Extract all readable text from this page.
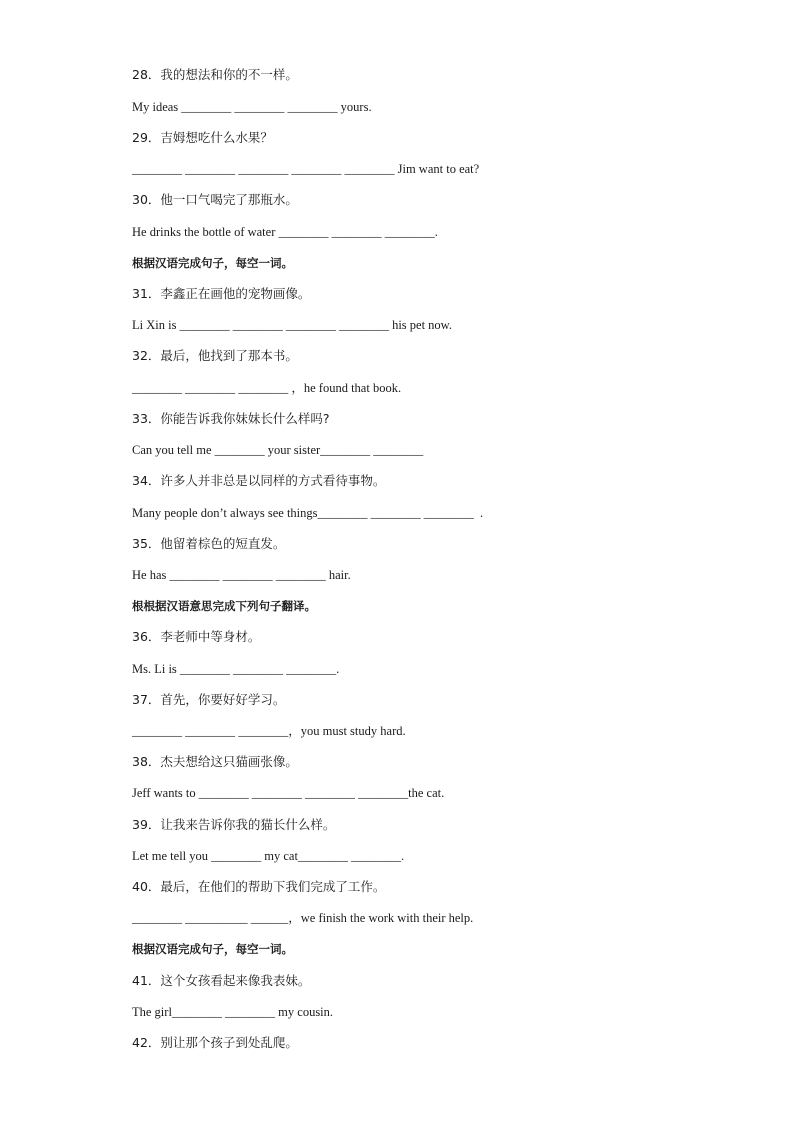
28．我的想法和你的不一样。
My ideas ________ ________ ________ yours.
29．吉姆想吃什么水果？
________ ________ ________ ________ ________ Jim want to eat?
30．他一口气喝完了那瓶水。
He drinks the bottle of water ________ ________ ________.
根据汉语完成句子，每空一词。
31．李鑫正在画他的宠物画像。
Li Xin is ________ ________ ________ ________ his pet now.
32．最后，他找到了那本书。
________ ________ ________ ，he found that book.
33．你能告诉我你妹妹长什么样吗?
Can you tell me ________ your sister________ ________
34．许多人并非总是以同样的方式看待事物。
Many people don’t always see things________ ________ ________  .
35．他留着棕色的短直发。
He has ________ ________ ________ hair.
根根据汉语意思完成下列句子翻译。
36．李老师中等身材。
Ms. Li is ________ ________ ________.
37．首先，你要好好学习。
________ ________ ________，you must study hard.
38．杰夫想给这只猫画张像。
Jeff wants to ________ ________ ________ ________the cat.
39．让我来告诉你我的猫长什么样。
Let me tell you ________ my cat________ ________.
40．最后，在他们的帮助下我们完成了工作。
________ __________ ______，we finish the work with their help.
根据汉语完成句子，每空一词。
41．这个女孩看起来像我表妹。
The girl________ ________ my cousin.
42．别让那个孩子到处乱爬。
